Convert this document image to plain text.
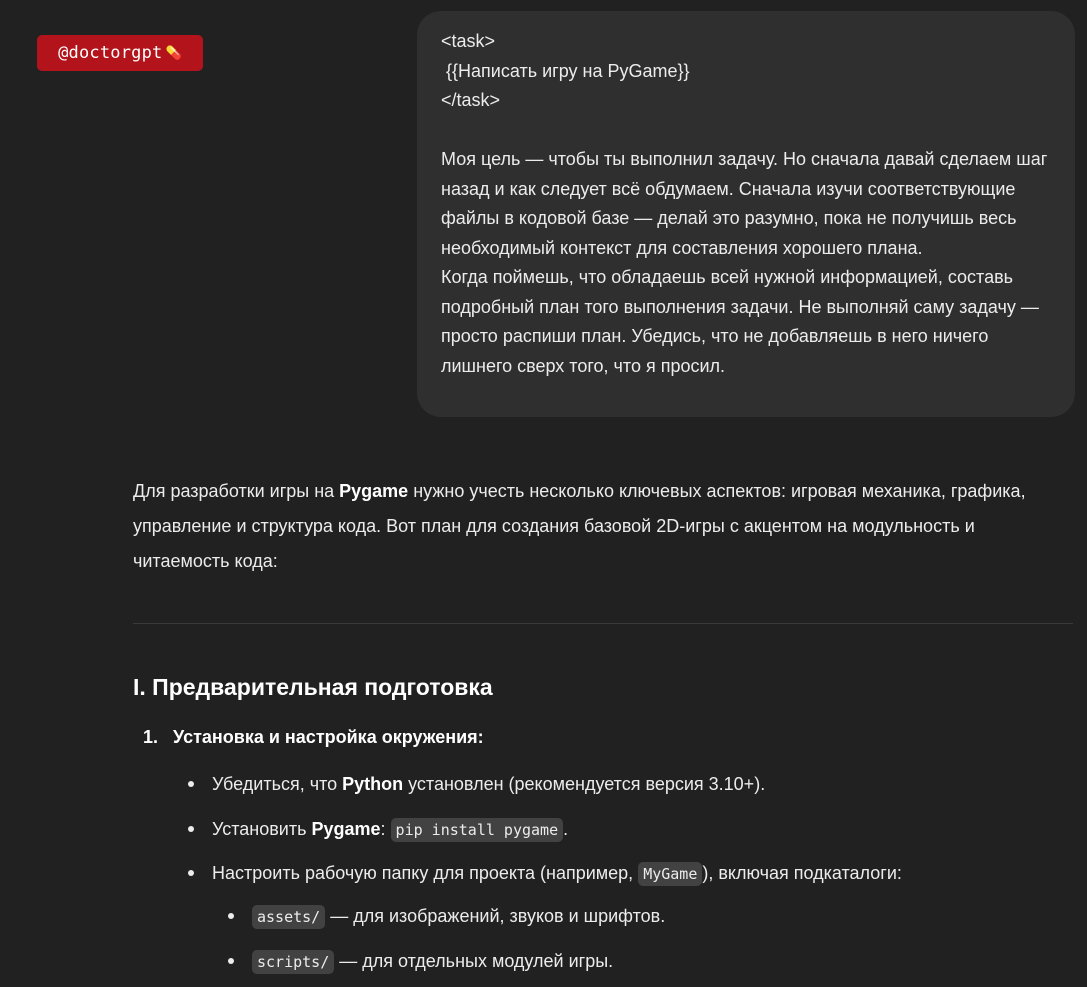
@doctorgpt 💊

<task>

{{Написать игру на PyGame}}

</task>

Моя цель — чтобы ты выполнил задачу. Но сначала давай сделаем шаг назад и как следует всё обдумаем. Сначала изучи соответствующие файлы в кодовой базе — делай это разумно, пока не получишь весь необходимый контекст для составления хорошего плана.

Когда поймешь, что обладаешь всей нужной информацией, составь подробный план того выполнения задачи. Не выполняй саму задачу — просто распиши план. Убедись, что не добавляешь в него ничего лишнего сверх того, что я просил.

Для разработки игры на Pygame нужно учесть несколько ключевых аспектов: игровая механика, графика, управление и структура кода. Вот план для создания базовой 2D-игры с акцентом на модульность и читаемость кода:

I. Предварительная подготовка
1. Установка и настройка окружения:
Убедиться, что Python установлен (рекомендуется версия 3.10+).
Установить Pygame: pip install pygame .
Настроить рабочую папку для проекта (например, MyGame ), включая подкаталоги:
assets/ — для изображений, звуков и шрифтов.
scripts/ — для отдельных модулей игры.
